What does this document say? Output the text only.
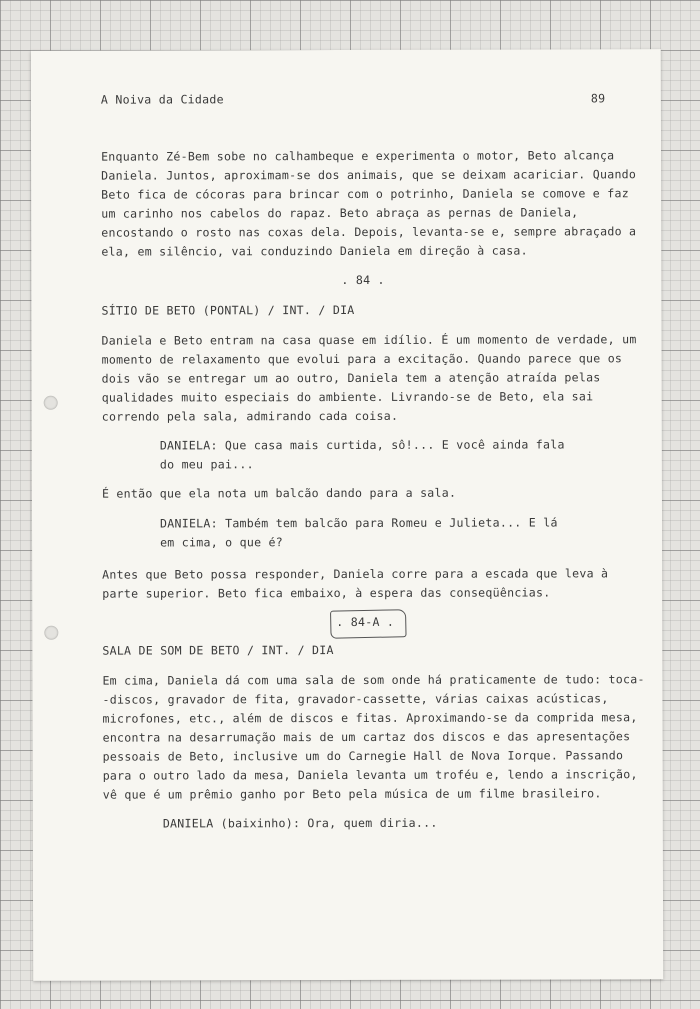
A Noiva da Cidade	89
Enquanto Zé-Bem sobe no calhambeque e experimenta o motor, Beto alcança
Daniela. Juntos, aproximam-se dos animais, que se deixam acariciar. Quando
Beto fica de cócoras para brincar com o potrinho, Daniela se comove e faz
um carinho nos cabelos do rapaz. Beto abraça as pernas de Daniela,
encostando o rosto nas coxas dela. Depois, levanta-se e, sempre abraçado a
ela, em silêncio, vai conduzindo Daniela em direção à casa.
. 84 .
SÍTIO DE BETO (PONTAL) / INT. / DIA
Daniela e Beto entram na casa quase em idílio. É um momento de verdade, um
momento de relaxamento que evolui para a excitação. Quando parece que os
dois vão se entregar um ao outro, Daniela tem a atenção atraída pelas
qualidades muito especiais do ambiente. Livrando-se de Beto, ela sai
correndo pela sala, admirando cada coisa.
DANIELA: Que casa mais curtida, sô!... E você ainda fala
do meu pai...
É então que ela nota um balcão dando para a sala.
DANIELA: Também tem balcão para Romeu e Julieta... E lá
em cima, o que é?
Antes que Beto possa responder, Daniela corre para a escada que leva à
parte superior. Beto fica embaixo, à espera das conseqüências.
. 84-A .
SALA DE SOM DE BETO / INT. / DIA
Em cima, Daniela dá com uma sala de som onde há praticamente de tudo: toca-
-discos, gravador de fita, gravador-cassette, várias caixas acústicas,
microfones, etc., além de discos e fitas. Aproximando-se da comprida mesa,
encontra na desarrumação mais de um cartaz dos discos e das apresentações
pessoais de Beto, inclusive um do Carnegie Hall de Nova Iorque. Passando
para o outro lado da mesa, Daniela levanta um troféu e, lendo a inscrição,
vê que é um prêmio ganho por Beto pela música de um filme brasileiro.
DANIELA (baixinho): Ora, quem diria...
